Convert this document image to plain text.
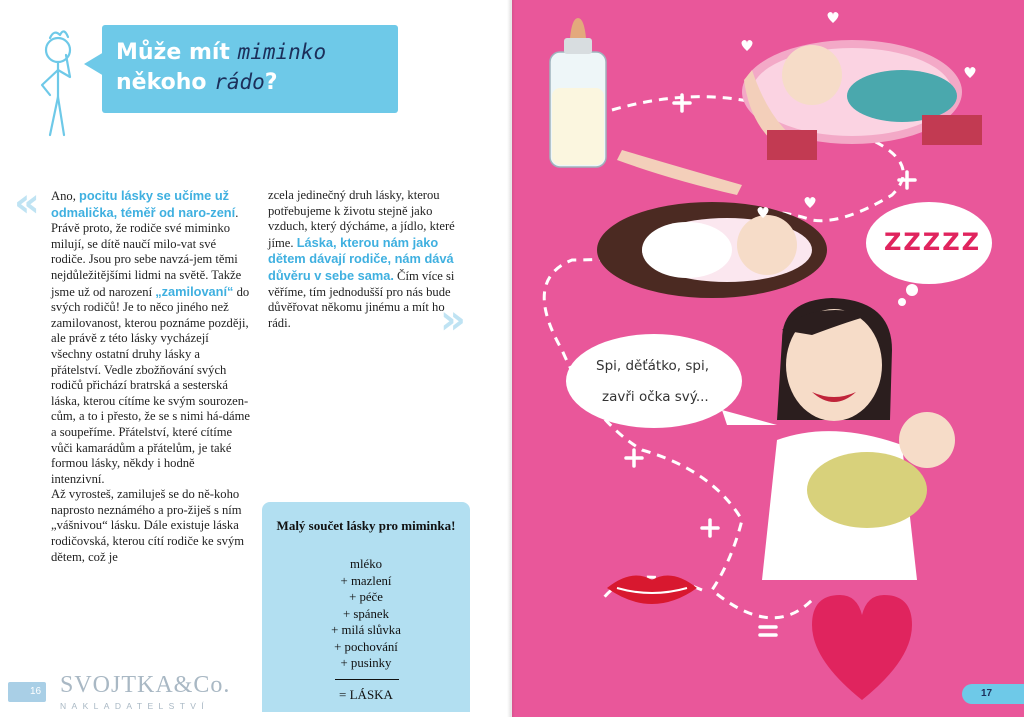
Může mít miminko
někoho rádo?
«
»
Ano, pocitu lásky se učíme už odmalička, téměř od naro-zení. Právě proto, že rodiče své miminko milují, se dítě naučí milo-vat své rodiče. Jsou pro sebe navzá-jem těmi nejdůležitějšími lidmi na světě. Takže jsme už od narození „zamilovaní“ do svých rodičů! Je to něco jiného než zamilovanost, kterou poznáme později, ale právě z této lásky vycházejí všechny ostatní druhy lásky a přátelství. Vedle zbožňování svých rodičů přichází bratrská a sesterská láska, kterou cítíme ke svým sourozen-cům, a to i přesto, že se s nimi há-dáme a soupeříme. Přátelství, které cítíme vůči kamarádům a přátelům, je také formou lásky, někdy i hodně intenzivní.
Až vyrosteš, zamiluješ se do ně-koho naprosto neznámého a pro-žiješ s ním „vášnivou“ lásku. Dále existuje láska rodičovská, kterou cítí rodiče ke svým dětem, což je
zcela jedinečný druh lásky, kterou potřebujeme k životu stejně jako vzduch, který dýcháme, a jídlo, které jíme. Láska, kterou nám jako dětem dávají rodiče, nám dává důvěru v sebe sama. Čím více si věříme, tím jednodušší pro nás bude důvěřovat někomu jinému a mít ho rádi.
Malý součet lásky pro miminka!
mléko
+ mazlení
+ péče
+ spánek
+ milá slůvka
+ pochování
+ pusinky
= LÁSKA
16 SVOJTKA&Co.
NAKLADATELSTVÍ
ZZZZZ
Spi, děťátko, spi,
zavři očka svý...
17
